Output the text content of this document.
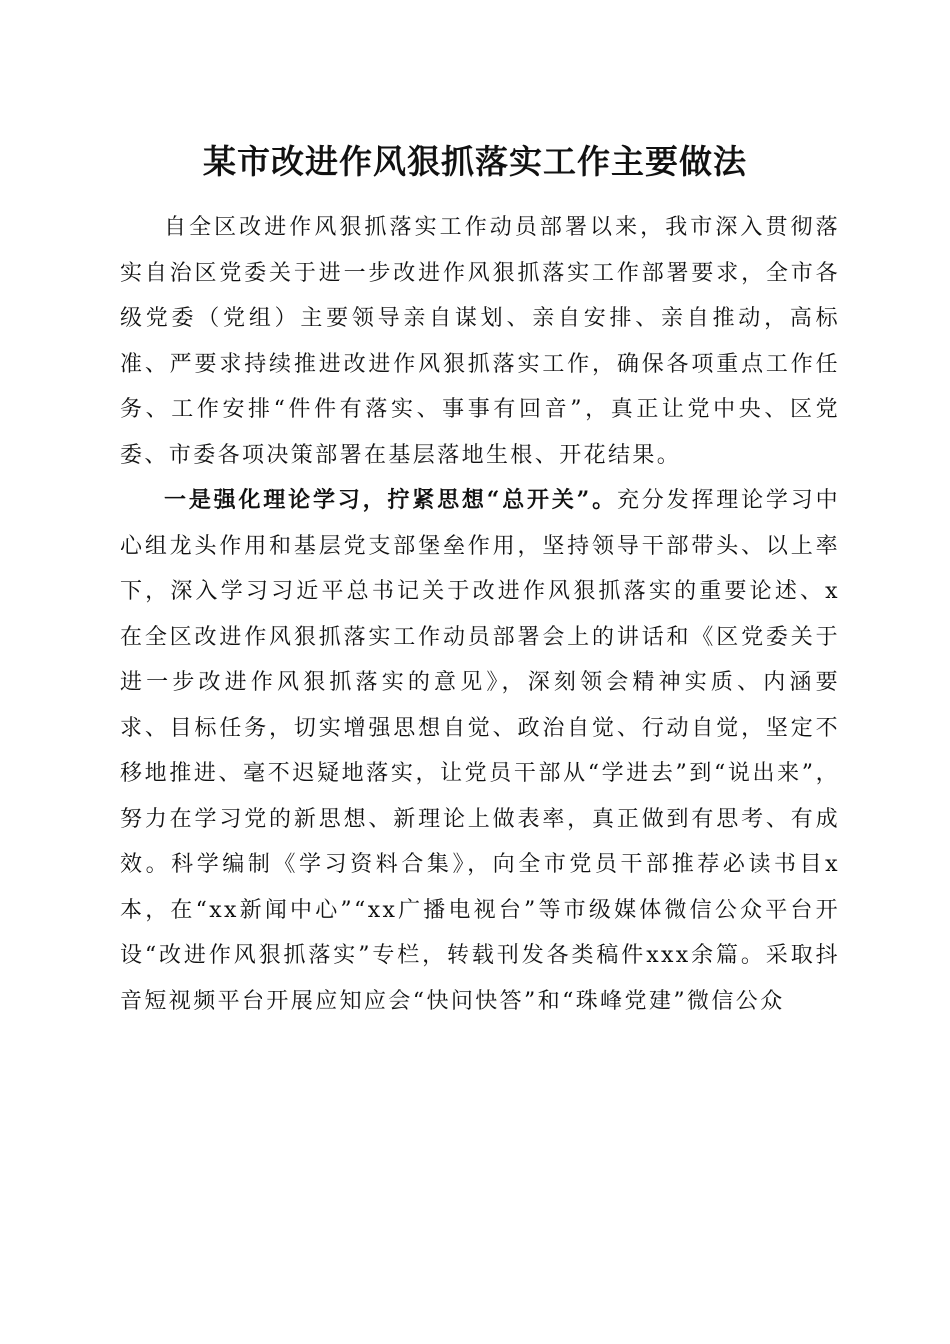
某市改进作风狠抓落实工作主要做法

自全区改进作风狠抓落实工作动员部署以来，我市深入贯彻落实自治区党委关于进一步改进作风狠抓落实工作部署要求，全市各级党委（党组）主要领导亲自谋划、亲自安排、亲自推动，高标准、严要求持续推进改进作风狠抓落实工作，确保各项重点工作任务、工作安排“件件有落实、事事有回音”，真正让党中央、区党委、市委各项决策部署在基层落地生根、开花结果。

一是强化理论学习，拧紧思想“总开关”。充分发挥理论学习中心组龙头作用和基层党支部堡垒作用，坚持领导干部带头、以上率下，深入学习习近平总书记关于改进作风狠抓落实的重要论述、x在全区改进作风狠抓落实工作动员部署会上的讲话和《区党委关于进一步改进作风狠抓落实的意见》，深刻领会精神实质、内涵要求、目标任务，切实增强思想自觉、政治自觉、行动自觉，坚定不移地推进、毫不迟疑地落实，让党员干部从“学进去”到“说出来”，努力在学习党的新思想、新理论上做表率，真正做到有思考、有成效。科学编制《学习资料合集》，向全市党员干部推荐必读书目x本，在“xx新闻中心”“xx广播电视台”等市级媒体微信公众平台开设“改进作风狠抓落实”专栏，转载刊发各类稿件xxx余篇。采取抖音短视频平台开展应知应会“快问快答”和“珠峰党建”微信公众
